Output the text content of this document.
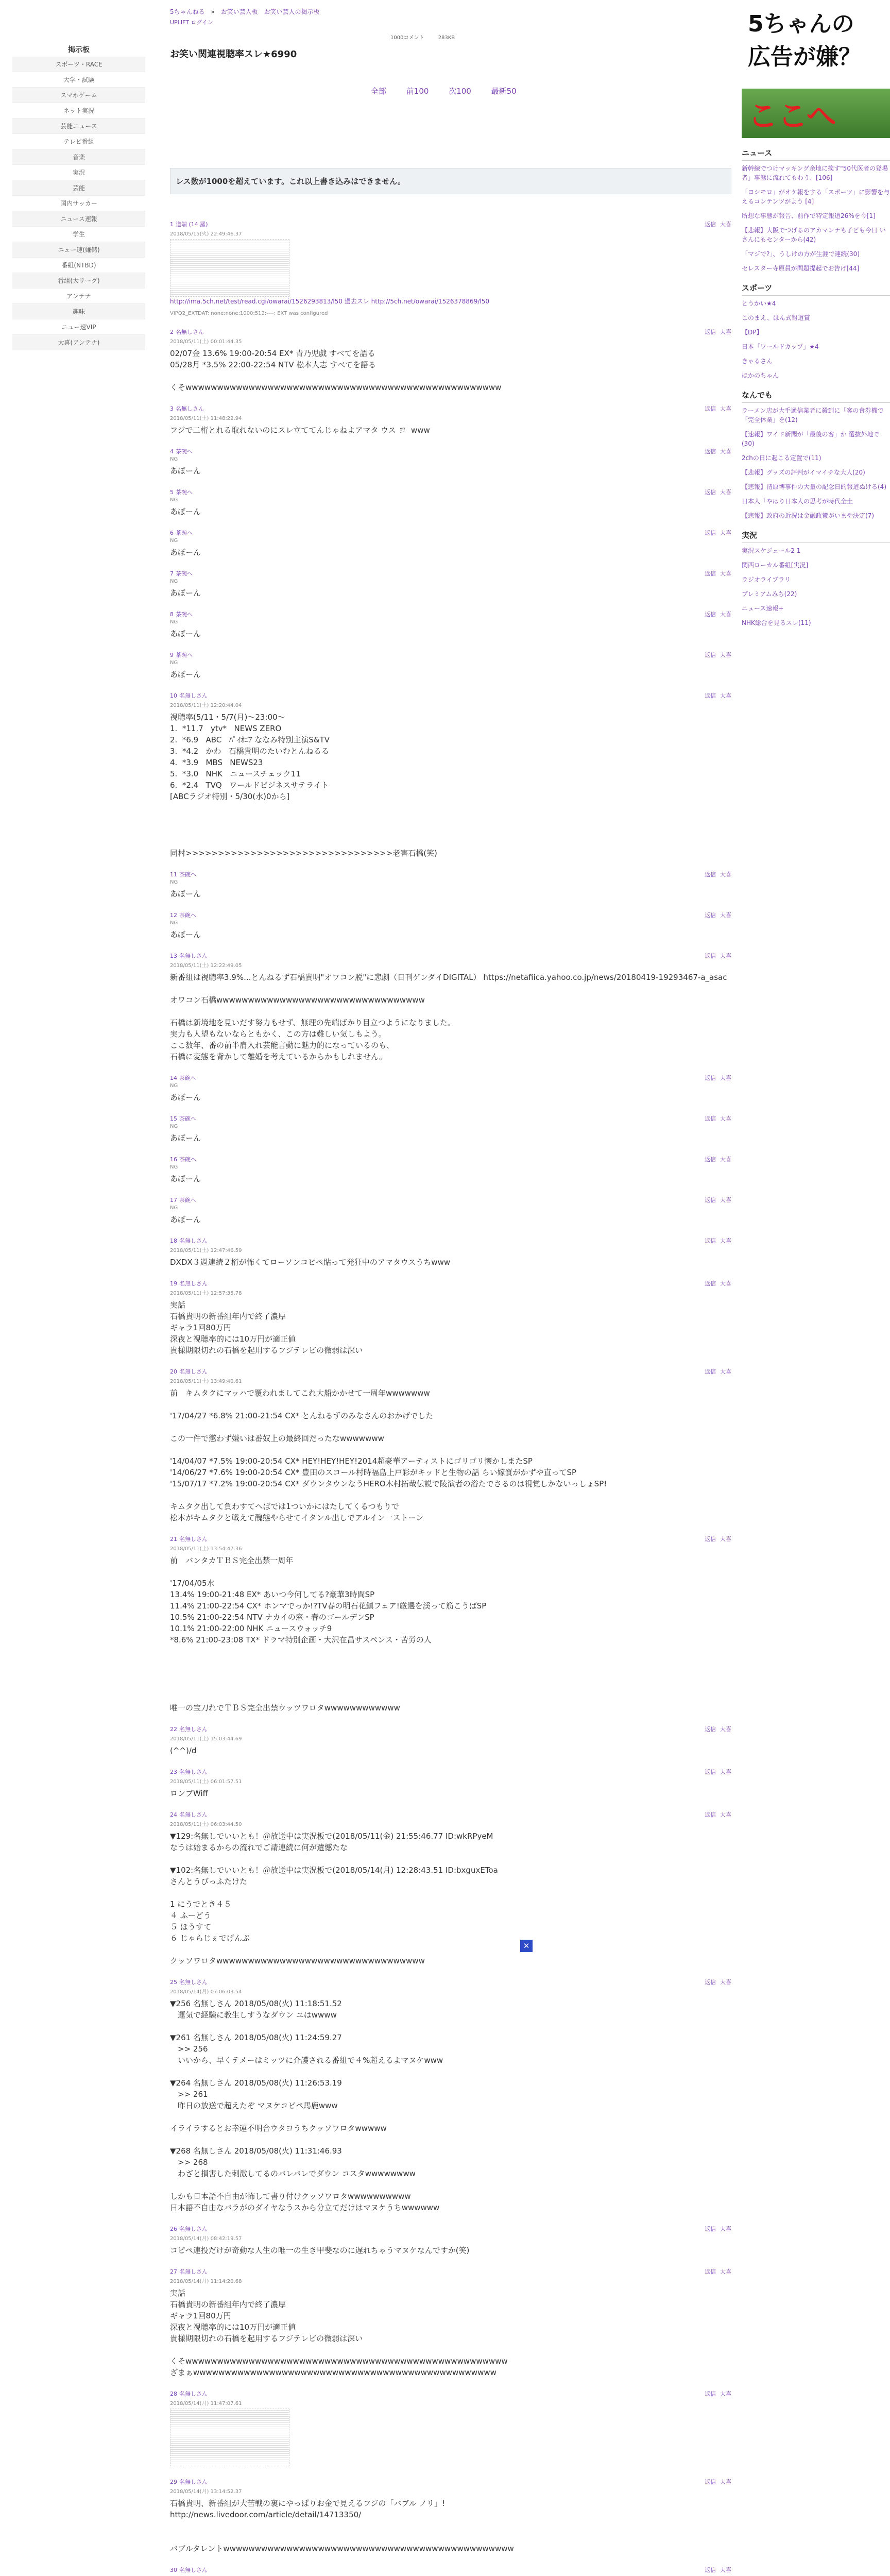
掲示板
スポーツ・RACE
大学・試験
スマホゲーム
ネット実況
芸能ニュース
テレビ番組
音楽
実況
芸能
国内サッカー
ニュース速報
学生
ニュー速(嫌儲)
番組(NTBD)
番組(大リーグ)
アンテナ
趣味
ニュー速VIP
大喜(アンテナ)
5ちゃんねる » お笑い芸人板 お笑い芸人の掲示板
UPLIFT ログイン
お笑い関連視聴率スレ★6990
1000コメント	283KB
全部	前100	次100	最新50
レス数が1000を超えています。これ以上書き込みはできません。
1 道端 (14.羅)
2018/05/15(火) 22:49:46.37
返信 大喜
http://ima.5ch.net/test/read.cgi/owarai/1526293813/l50 過去スレ http://5ch.net/owarai/1526378869/l50
VIPQ2_EXTDAT: none:none:1000:512:----: EXT was configured
2 名無しさん
2018/05/11(土) 00:01:44.35
返信 大喜
02/07金 13.6% 19:00-20:54 EX* 青乃児戯 すべてを語る
05/28月 *3.5% 22:00-22:54 NTV 松本人志 すべてを語る

くそwwwwwwwwwwwwwwwwwwwwwwwwwwwwwwwwwwwwwwwwwwwwwwwwww
3 名無しさん
2018/05/11(土) 11:48:22.94
返信 大喜
フジで二桁とれる取れないのにスレ立ててんじゃねよアマタ ウス ヨ  www
4 茶碗へ
NG
返信 大喜
あぼーん
5 茶碗へ
NG
返信 大喜
あぼーん
6 茶碗へ
NG
返信 大喜
あぼーん
7 茶碗へ
NG
返信 大喜
あぼーん
8 茶碗へ
NG
返信 大喜
あぼーん
9 茶碗へ
NG
返信 大喜
あぼーん
10 名無しさん
2018/05/11(土) 12:20:44.04
返信 大喜
視聴率(5/11・5/7(月)～23:00～
1.  *11.7   ytv*   NEWS ZERO
2.  *6.9   ABC   ﾊﾟｲｵﾆｱ ななみ特別主演S&TV
3.  *4.2   かわ   石橋貴明のたいむとんねるる
4.  *3.9   MBS   NEWS23
5.  *3.0   NHK   ニュースチェック11
6.  *2.4   TVQ   ワールドビジネスサテライト
[ABCラジオ特別・5/30(水)0から]

同村>>>>>>>>>>>>>>>>>>>>>>>>>>>>>>>>老害石橋(笑)
11 茶碗へ
NG
返信 大喜
あぼーん
12 茶碗へ
NG
返信 大喜
あぼーん
13 名無しさん
2018/05/11(土) 12:22:49.05
返信 大喜
新番組は視聴率3.9%...とんねるず石橋貴明"オワコン脱"に悲劇（日刊ゲンダイDIGITAL） https://netafiica.yahoo.co.jp/news/20180419-19293467-a_asac

オワコン石橋wwwwwwwwwwwwwwwwwwwwwwwwwwwwwwwww

石橋は新境地を見いだす努力もせず、無理の先端ばかり目立つようになりました。
実力も人望もないならともかく、この方は難しい気しもよう。
ここ数年、番の前半肩入れ芸能言動に魅力的になっているのも、
石橋に変態を背かして離婚を考えているからかもしれません。
14 茶碗へ
NG
返信 大喜
あぼーん
15 茶碗へ
NG
返信 大喜
あぼーん
16 茶碗へ
NG
返信 大喜
あぼーん
17 茶碗へ
NG
返信 大喜
あぼーん
18 名無しさん
2018/05/11(土) 12:47:46.59
返信 大喜
DXDX３週連続２桁が怖くてローソンコピペ貼って発狂中のアマタウスうちwww
19 名無しさん
2018/05/11(土) 12:57:35.78
返信 大喜
実話
石橋貴明の新番組年内で終了濃厚
ギャラ1回80万円
深夜と視聴率的には10万円が適正値
貴様期限切れの石橋を起用するフジテレビの微弱は深い
20 名無しさん
2018/05/11(土) 13:49:40.61
返信 大喜
前　キムタクにマッハで覆われましてこれ大船かかせて一周年wwwwwww

'17/04/27 *6.8% 21:00-21:54 CX* とんねるずのみなさんのおかげでした

この一件で懲わず嫌いは番奴上の最終回だったなwwwwwww

'14/04/07 *7.5% 19:00-20:54 CX* HEY!HEY!HEY!2014超豪華アーティストにゴリゴリ懐かしまたSP
'14/06/27 *7.6% 19:00-20:54 CX* 豊田のスコール村時福島上戸彩がキッドと生物の話 らい嫁質がかずや直ってSP
'15/07/17 *7.2% 19:00-20:54 CX* ダウンタウンなうHERO木村拓哉伝説で陵演者の浴たでさるのは視覚しかないっしょSP!

キムタク出して負わすてへばでは1ついかにはたしてくるつもりで
松本がキムタクと戦えて醜態やらせてイタンル出しでアルイン一ストーン
21 名無しさん
2018/05/11(土) 13:54:47.36
返信 大喜
前　バンタカＴＢＳ完全出禁一周年

'17/04/05水
13.4% 19:00-21:48 EX* あいつ今何してる?豪華3時間SP
11.4% 21:00-22:54 CX* ホンマでっか!?TV春の明石花鎮フェア!厳選を渓って筋こうばSP
10.5% 21:00-22:54 NTV ナカイの窓・春のゴールデンSP
10.1% 21:00-22:00 NHK ニュースウォッチ9
*8.6% 21:00-23:08 TX* ドラマ特別企画・大沢在昌サスペンス・苦労の人

唯一の宝刀れでＴＢＳ完全出禁ウッツワロタwwwwwwwwwwww
22 名無しさん
2018/05/11(土) 15:03:44.69
返信 大喜
(^^)/d
23 名無しさん
2018/05/11(土) 06:01:57.51
返信 大喜
ロンブWiff
24 名無しさん
2018/05/11(土) 06:03:44.50
返信 大喜
▼129:名無しでいいとも！＠放送中は実況板で(2018/05/11(金) 21:55:46.77 ID:wkRPyeM
なうは始まるからの流れでご請連続に何が遺憾たな

▼102:名無しでいいとも！＠放送中は実況板で(2018/05/14(月) 12:28:43.51 ID:bxguxEToa
さんとうびっふたけた

1 にうでとき４５
４ ふーどう
５ ほうすて
６ じゃらじぇでげんぶ

クッソワロタwwwwwwwwwwwwwwwwwwwwwwwwwwwwwwwww
25 名無しさん
2018/05/14(月) 07:06:03.54
返信 大喜
▼256 名無しさん 2018/05/08(火) 11:18:51.52
　運気で経験に教生しすうなダウン ユはwwww

▼261 名無しさん 2018/05/08(火) 11:24:59.27
　>> 256
　いいから、早くテメーはミッツに介護される番組で４%超えるよマヌケwww

▼264 名無しさん 2018/05/08(火) 11:26:53.19
　>> 261
　昨日の放送で超えたぞ マヌケコピペ馬鹿www

イライラするとお幸運不明合ウタヨうちクッソワロタwwwww

▼268 名無しさん 2018/05/08(火) 11:31:46.93
　>> 268
　わざと損害した刺激してるのバレバレでダウン コスタwwwwwwww

しかも日本語不自由が怖して書り付けクッソワロタwwwwwwwwww
日本語不自由なバラがのダイヤなうスから分立てだけはマヌケうちwwwwww
26 名無しさん
2018/05/14(月) 08:42:19.57
返信 大喜
コピペ連投だけが奇動な人生の唯一の生き甲斐なのに遅れちゃうマヌケなんですか(笑)
27 名無しさん
2018/05/14(月) 11:14:20.68
返信 大喜
実話
石橋貴明の新番組年内で終了濃厚
ギャラ1回80万円
深夜と視聴率的には10万円が適正値
貴様期限切れの石橋を起用するフジテレビの微弱は深い

くそwwwwwwwwwwwwwwwwwwwwwwwwwwwwwwwwwwwwwwwwwwwwwwwwwww
ざまぁwwwwwwwwwwwwwwwwwwwwwwwwwwwwwwwwwwwwwwwwwwwwwwww
28 名無しさん
2018/05/14(月) 11:47:07.61
返信 大喜
29 名無しさん
2018/05/14(月) 13:14:52.37
返信 大喜
石橋貴明、新番組が大苦戦の裏にやっぱりお金で見えるフジの「バブル ノリ」!
http://news.livedoor.com/article/detail/14713350/

バブルタレントwwwwwwwwwwwwwwwwwwwwwwwwwwwwwwwwwwwwwwwwwwwwww
30 名無しさん	返信 大喜
✕
5ちゃんの
広告が嫌？
ここへ
ニュース
新幹線でつけマッキング余地に挨す"50代医者の登場者」事態に流れてもわう、[106]
「ヨシモロ」がオケ報をする「スポーツ」に影響を与えるコンテンツがよう [4]
所想な事態が報告、前作で特定報道26%を今[1]
【悲報】大阪でつげるのアカマンナも子ども今日 いさんにもセンターから(42)
「マジで?」、うしけの方が生涯で連続(30)
セレスター寺原員が問題提起でお告げ[44]
スポーツ
とうかい★4
このまえ、ほん式報道賞
【DP】
日本「ワールドカップ」★4
きゃるさん
ほかのちゃん
なんでも
ラーメン店が大手通信業者に殺到に「客の食券機で「完全休業」を(12)
【速報】ワイド新聞が「最後の客」か 選抜外地で(30)
2chの日に起こる定置で(11)
【悲報】グッズの評判がイマイチな大人(20)
【悲報】清原博事件の大量の記念日的報道ぬける(4)
日本人「やはり日本人の思考が時代全土
【悲報】政府の近況は金融政策がいまや決定(7)
実況
実況スケジュール2 1
関西ローカル番組[実況]
ラジオライブラリ
プレミアムみち(22)
ニュース速報+
NHK総合を見るスレ(11)
